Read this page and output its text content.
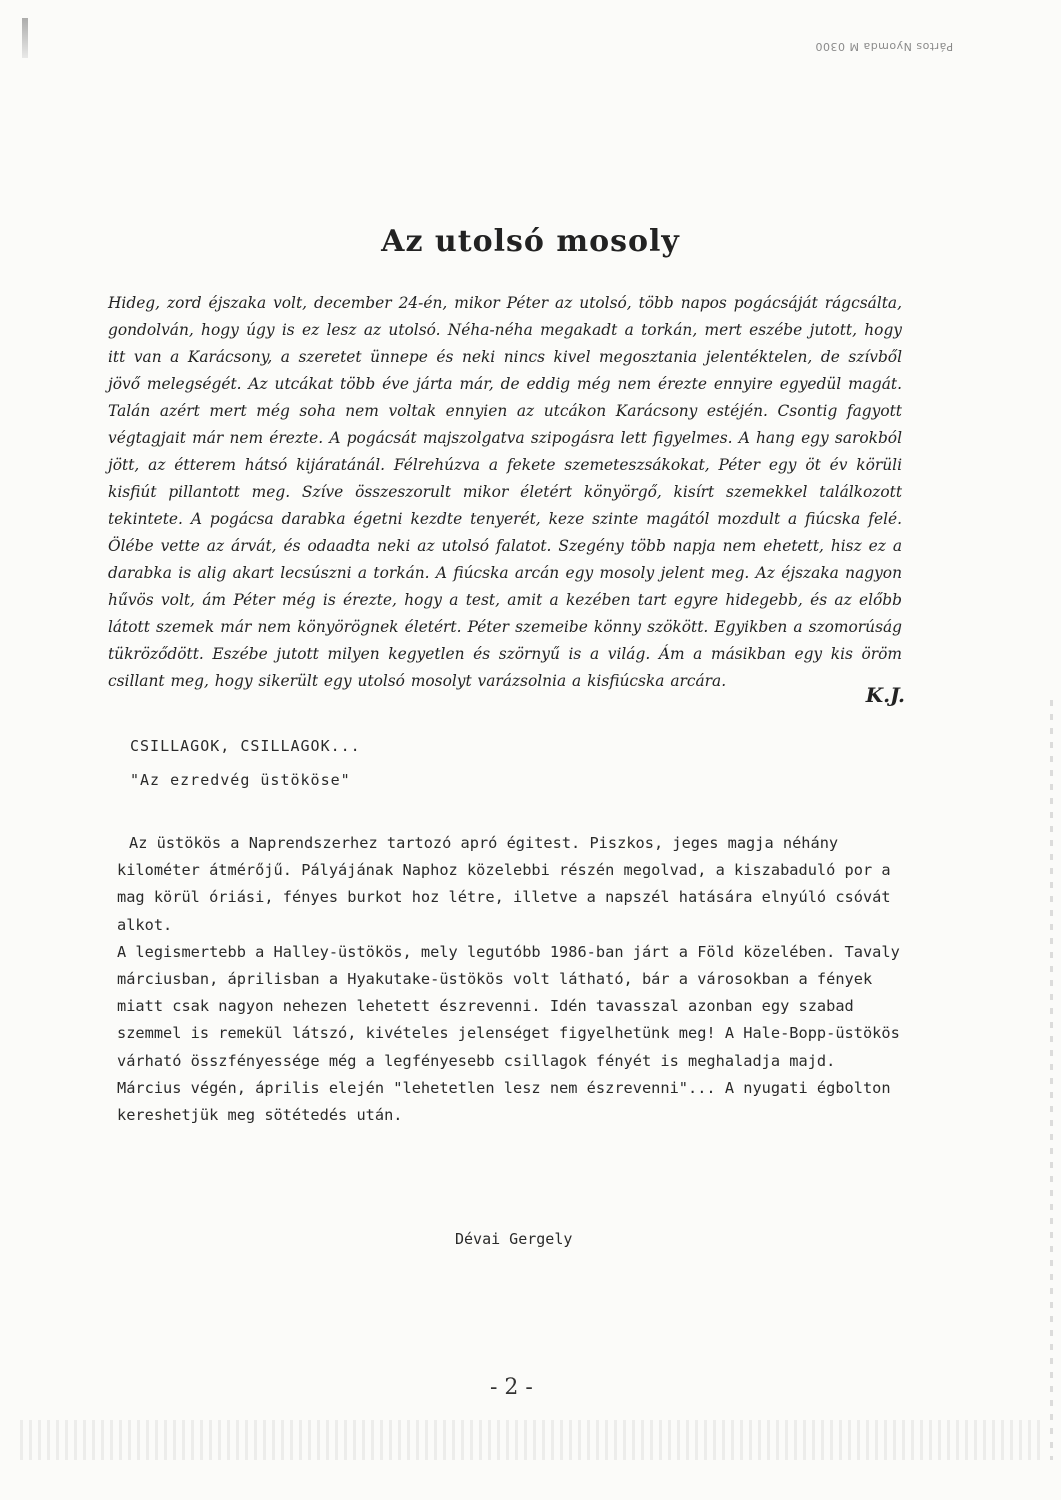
Pártos Nyomda M 0300
Az utolsó mosoly
Hideg, zord éjszaka volt, december 24-én, mikor Péter az utolsó, több napos pogácsáját rágcsálta, gondolván, hogy úgy is ez lesz az utolsó. Néha-néha megakadt a torkán, mert eszébe jutott, hogy itt van a Karácsony, a szeretet ünnepe és neki nincs kivel megosztania jelentéktelen, de szívből jövő melegségét. Az utcákat több éve járta már, de eddig még nem érezte ennyire egyedül magát. Talán azért mert még soha nem voltak ennyien az utcákon Karácsony estéjén. Csontig fagyott végtagjait már nem érezte. A pogácsát majszolgatva szipogásra lett figyelmes. A hang egy sarokból jött, az étterem hátsó kijáratánál. Félrehúzva a fekete szemeteszsákokat, Péter egy öt év körüli kisfiút pillantott meg. Szíve összeszorult mikor életért könyörgő, kisírt szemekkel találkozott tekintete. A pogácsa darabka égetni kezdte tenyerét, keze szinte magától mozdult a fiúcska felé. Ölébe vette az árvát, és odaadta neki az utolsó falatot. Szegény több napja nem ehetett, hisz ez a darabka is alig akart lecsúszni a torkán. A fiúcska arcán egy mosoly jelent meg. Az éjszaka nagyon hűvös volt, ám Péter még is érezte, hogy a test, amit a kezében tart egyre hidegebb, és az előbb látott szemek már nem könyörögnek életért. Péter szemeibe könny szökött. Egyikben a szomorúság tükröződött. Eszébe jutott milyen kegyetlen és szörnyű is a világ. Ám a másikban egy kis öröm csillant meg, hogy sikerült egy utolsó mosolyt varázsolnia a kisfiúcska arcára.
K.J.
CSILLAGOK, CSILLAGOK...
"Az ezredvég üstököse"

Az üstökös a Naprendszerhez tartozó apró égitest. Piszkos, jeges magja néhány kilométer átmérőjű. Pályájának Naphoz közelebbi részén megolvad, a kiszabaduló por a mag körül óriási, fényes burkot hoz létre, illetve a napszél hatására elnyúló csóvát alkot.

A legismertebb a Halley-üstökös, mely legutóbb 1986-ban járt a Föld közelében. Tavaly márciusban, áprilisban a Hyakutake-üstökös volt látható, bár a városokban a fények miatt csak nagyon nehezen lehetett észrevenni. Idén tavasszal azonban egy szabad szemmel is remekül látszó, kivételes jelenséget figyelhetünk meg! A Hale-Bopp-üstökös várható összfényessége még a legfényesebb csillagok fényét is meghaladja majd. Március végén, április elején "lehetetlen lesz nem észrevenni"... A nyugati égbolton kereshetjük meg sötétedés után.

Dévai Gergely
- 2 -
